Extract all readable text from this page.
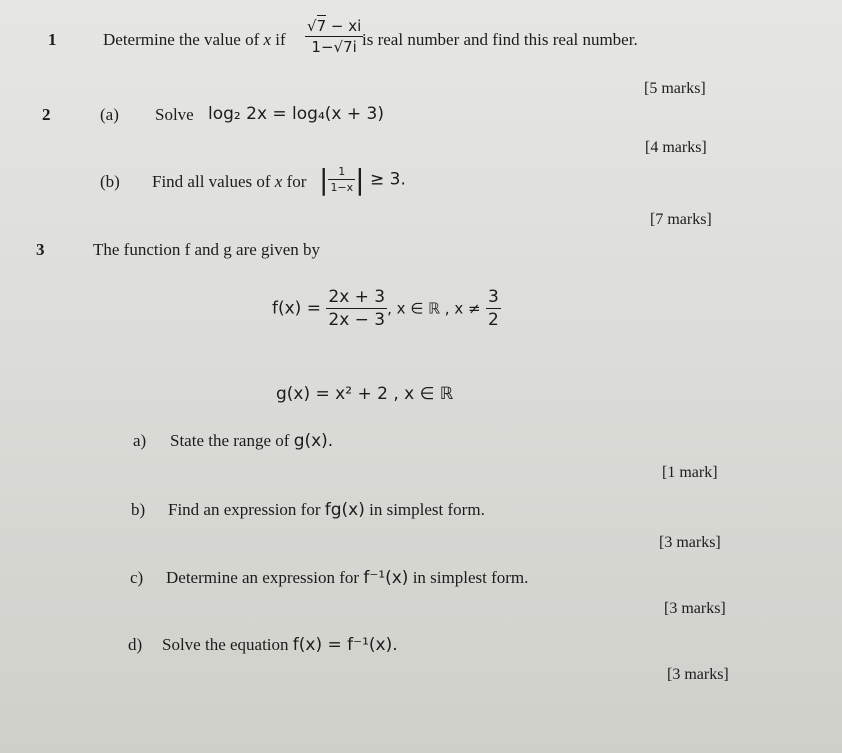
1	Determine the value of x if $\frac{√7 - xi}{1-√7i}$
is real number and find this real number.
[5 marks]
2	(a) Solve log₂ 2x = log₄(x + 3)
[4 marks]
(b) Find all values of x for | $\frac{1}{1-x}$ | ≥ 3.
[7 marks]
3	The function f and g are given by
$f(x) = \frac{2x + 3}{2x - 3}$ , x ∈ ℝ , $x \ne \frac{3}{2}$
g(x) = x² + 2 , x ∈ ℝ
a) State the range of g(x).
[1 mark]
b) Find an expression for fg(x) in simplest form.
[3 marks]
c) Determine an expression for f⁻¹(x) in simplest form.
[3 marks]
d) Solve the equation f(x) = f⁻¹(x).
[3 marks]
